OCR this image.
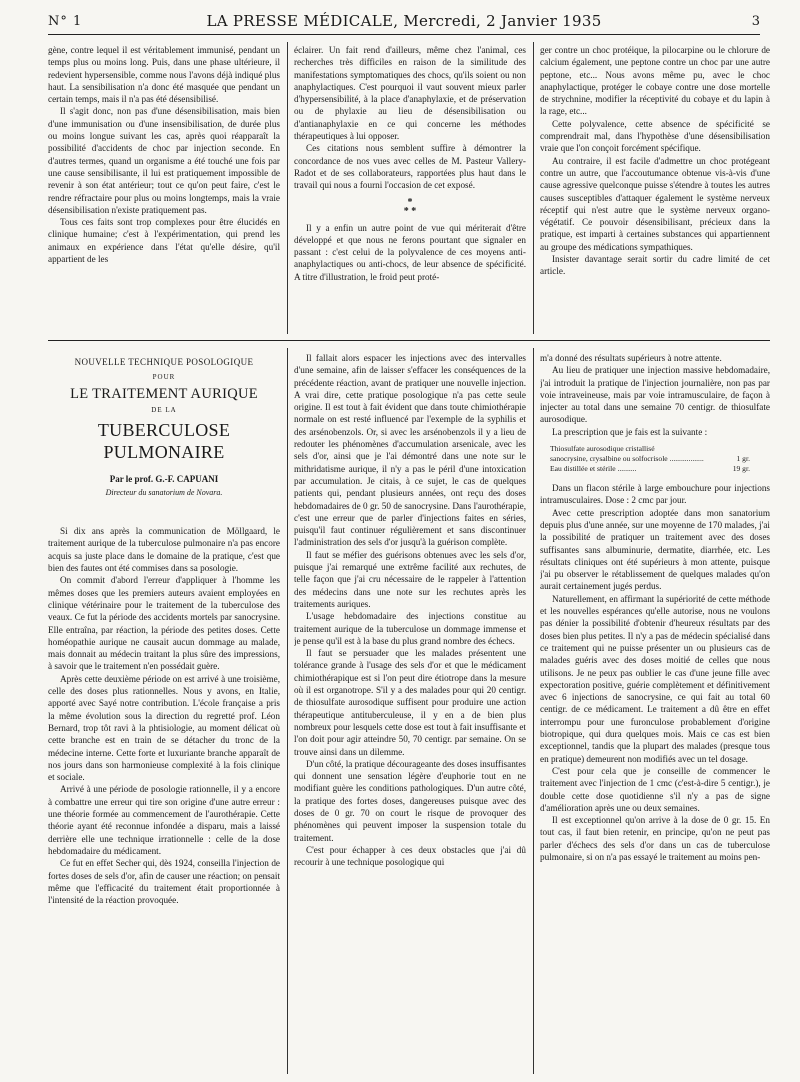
N° 1	LA PRESSE MÉDICALE, Mercredi, 2 Janvier 1935	3

gène, contre lequel il est véritablement immunisé, pendant un temps plus ou moins long. Puis, dans une phase ultérieure, il redevient hypersensible, comme nous l'avons déjà indiqué plus haut. La sensibilisation n'a donc été masquée que pendant un certain temps, mais il n'a pas été désensibilisé.

Il s'agit donc, non pas d'une désensibilisation, mais bien d'une immunisation ou d'une insensibilisation, de durée plus ou moins longue suivant les cas, après quoi réapparaît la possibilité d'accidents de choc par injection seconde. En d'autres termes, quand un organisme a été touché une fois par une cause sensibilisante, il lui est pratiquement impossible de revenir à son état antérieur; tout ce qu'on peut faire, c'est le rendre réfractaire pour plus ou moins longtemps, mais la vraie désensibilisation n'existe pratiquement pas.

Tous ces faits sont trop complexes pour être élucidés en clinique humaine; c'est à l'expérimentation, qui prend les animaux en expérience dans l'état qu'elle désire, qu'il appartient de les

éclairer. Un fait rend d'ailleurs, même chez l'animal, ces recherches très difficiles en raison de la similitude des manifestations symptomatiques des chocs, qu'ils soient ou non anaphylactiques. C'est pourquoi il vaut souvent mieux parler d'hypersensibilité, à la place d'anaphylaxie, et de préservation ou de phylaxie au lieu de désensibilisation ou d'antianaphylaxie en ce qui concerne les méthodes thérapeutiques à lui opposer.

Ces citations nous semblent suffire à démontrer la concordance de nos vues avec celles de M. Pasteur Vallery-Radot et de ses collaborateurs, rapportées plus haut dans le travail qui nous a fourni l'occasion de cet exposé.

*
* *

Il y a enfin un autre point de vue qui mériterait d'être développé et que nous ne ferons pourtant que signaler en passant : c'est celui de la polyvalence de ces moyens anti-anaphylactiques ou anti-chocs, de leur absence de spécificité. A titre d'illustration, le froid peut proté-

ger contre un choc protéique, la pilocarpine ou le chlorure de calcium également, une peptone contre un choc par une autre peptone, etc... Nous avons même pu, avec le choc anaphylactique, protéger le cobaye contre une dose mortelle de strychnine, modifier la réceptivité du cobaye et du lapin à la rage, etc...

Cette polyvalence, cette absence de spécificité se comprendrait mal, dans l'hypothèse d'une désensibilisation vraie que l'on conçoit forcément spécifique.

Au contraire, il est facile d'admettre un choc protégeant contre un autre, que l'accoutumance obtenue vis-à-vis d'une cause agressive quelconque puisse s'étendre à toutes les autres causes susceptibles d'attaquer également le système nerveux réceptif qui n'est autre que le système nerveux organo-végétatif. Ce pouvoir désensibilisant, précieux dans la pratique, est imparti à certaines substances qui appartiennent au groupe des médications sympathiques.

Insister davantage serait sortir du cadre limité de cet article.

NOUVELLE TECHNIQUE POSOLOGIQUE
POUR
LE TRAITEMENT AURIQUE
DE LA
TUBERCULOSE PULMONAIRE
Par le prof. G.-F. CAPUANI
Directeur du sanatorium de Novara.

Si dix ans après la communication de Möllgaard, le traitement aurique de la tuberculose pulmonaire n'a pas encore acquis sa juste place dans le domaine de la pratique, c'est que bien des fautes ont été commises dans sa posologie.

On commit d'abord l'erreur d'appliquer à l'homme les mêmes doses que les premiers auteurs avaient employées en clinique vétérinaire pour le traitement de la tuberculose des veaux. Ce fut la période des accidents mortels par sanocrysine. Elle entraîna, par réaction, la période des petites doses. Cette homéopathie aurique ne causait aucun dommage au malade, mais donnait au médecin traitant la plus sûre des impressions, à savoir que le traitement n'en possédait guère.

Après cette deuxième période on est arrivé à une troisième, celle des doses plus rationnelles. Nous y avons, en Italie, apporté avec Sayé notre contribution. L'école française a pris la même évolution sous la direction du regretté prof. Léon Bernard, trop tôt ravi à la phtisiologie, au moment délicat où cette branche est en train de se détacher du tronc de la médecine interne. Cette forte et luxuriante branche apparaît de nos jours dans son harmonieuse complexité à la fois clinique et sociale.

Arrivé à une période de posologie rationnelle, il y a encore à combattre une erreur qui tire son origine d'une autre erreur : une théorie formée au commencement de l'aurothérapie. Cette théorie ayant été reconnue infondée a disparu, mais a laissé derrière elle une technique irrationnelle : celle de la dose hebdomadaire du médicament.

Ce fut en effet Secher qui, dès 1924, conseilla l'injection de fortes doses de sels d'or, afin de causer une réaction; on pensait même que l'efficacité du traitement était proportionnée à l'intensité de la réaction provoquée.

Il fallait alors espacer les injections avec des intervalles d'une semaine, afin de laisser s'effacer les conséquences de la précédente réaction, avant de pratiquer une nouvelle injection. A vrai dire, cette pratique posologique n'a pas cette seule origine. Il est tout à fait évident que dans toute chimiothérapie normale on est resté influencé par l'exemple de la syphilis et des arsénobenzols. Or, si avec les arsénobenzols il y a lieu de redouter les phénomènes d'accumulation arsenicale, avec les sels d'or, ainsi que je l'ai démontré dans une note sur le mithridatisme aurique, il n'y a pas le péril d'une intoxication par accumulation. Je citais, à ce sujet, le cas de quelques patients qui, pendant plusieurs années, ont reçu des doses hebdomadaires de 0 gr. 50 de sanocrysine. Dans l'aurothérapie, c'est une erreur que de parler d'injections faites en séries, puisqu'il faut continuer régulièrement et sans discontinuer l'administration des sels d'or jusqu'à la guérison complète.

Il faut se méfier des guérisons obtenues avec les sels d'or, puisque j'ai remarqué une extrême facilité aux rechutes, de telle façon que j'ai cru nécessaire de le rappeler à l'attention des médecins dans une note sur les rechutes après les traitements auriques.

L'usage hebdomadaire des injections constitue au traitement aurique de la tuberculose un dommage immense et je pense qu'il est à la base du plus grand nombre des échecs.

Il faut se persuader que les malades présentent une tolérance grande à l'usage des sels d'or et que le médicament chimiothérapique est si l'on peut dire étiotrope dans la mesure où il est organotrope. S'il y a des malades pour qui 20 centigr. de thiosulfate aurosodique suffisent pour produire une action thérapeutique antituberculeuse, il y en a de bien plus nombreux pour lesquels cette dose est tout à fait insuffisante et l'on doit pour agir atteindre 50, 70 centigr. par semaine. On se trouve ainsi dans un dilemme.

D'un côté, la pratique décourageante des doses insuffisantes qui donnent une sensation légère d'euphorie tout en ne modifiant guère les conditions pathologiques. D'un autre côté, la pratique des fortes doses, dangereuses puisque avec des doses de 0 gr. 70 on court le risque de provoquer des phénomènes qui peuvent imposer la suspension totale du traitement.

C'est pour échapper à ces deux obstacles que j'ai dû recourir à une technique posologique qui

m'a donné des résultats supérieurs à notre attente.

Au lieu de pratiquer une injection massive hebdomadaire, j'ai introduit la pratique de l'injection journalière, non pas par voie intraveineuse, mais par voie intramusculaire, de façon à injecter au total dans une semaine 70 centigr. de thiosulfate aurosodique.

La prescription que je fais est la suivante :

Thiosulfate aurosodique cristallisé
sanocrysine, crysalbine ou solfocrisole ..................	1 gr.
Eau distillée et stérile ..........	19 gr.

Dans un flacon stérile à large embouchure pour injections intramusculaires. Dose : 2 cmc par jour.

Avec cette prescription adoptée dans mon sanatorium depuis plus d'une année, sur une moyenne de 170 malades, j'ai la possibilité de pratiquer un traitement avec des doses suffisantes sans albuminurie, dermatite, diarrhée, etc. Les résultats cliniques ont été supérieurs à mon attente, puisque j'ai pu observer le rétablissement de quelques malades qu'on aurait certainement jugés perdus.

Naturellement, en affirmant la supériorité de cette méthode et les nouvelles espérances qu'elle autorise, nous ne voulons pas dénier la possibilité d'obtenir d'heureux résultats par des doses bien plus petites. Il n'y a pas de médecin spécialisé dans ce traitement qui ne puisse présenter un ou plusieurs cas de malades guéris avec des doses moitié de celles que nous utilisons. Je ne peux pas oublier le cas d'une jeune fille avec expectoration positive, guérie complètement et définitivement avec 6 injections de sanocrysine, ce qui fait au total 60 centigr. de ce médicament. Le traitement a dû être en effet interrompu pour une furonculose probablement d'origine biotropique, qui dura quelques mois. Mais ce cas est bien exceptionnel, tandis que la plupart des malades (presque tous en pratique) demeurent non modifiés avec un tel dosage.

C'est pour cela que je conseille de commencer le traitement avec l'injection de 1 cmc (c'est-à-dire 5 centigr.), je double cette dose quotidienne s'il n'y a pas de signe d'amélioration après une ou deux semaines.

Il est exceptionnel qu'on arrive à la dose de 0 gr. 15. En tout cas, il faut bien retenir, en principe, qu'on ne peut pas parler d'échecs des sels d'or dans un cas de tuberculose pulmonaire, si on n'a pas essayé le traitement au moins pen-
